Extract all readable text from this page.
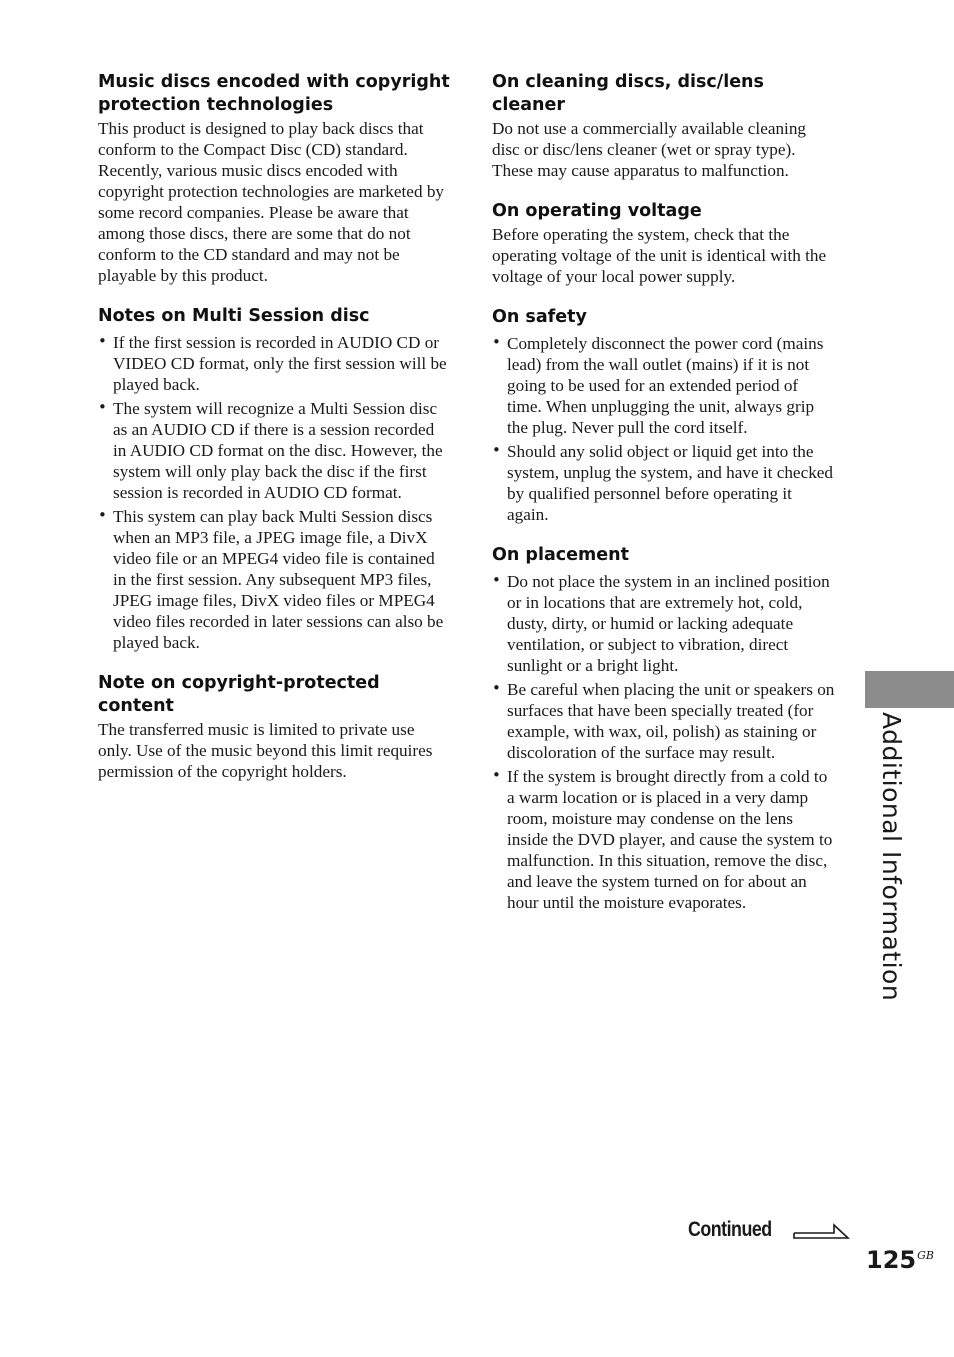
Music discs encoded with copyright protection technologies

This product is designed to play back discs that conform to the Compact Disc (CD) standard. Recently, various music discs encoded with copyright protection technologies are marketed by some record companies. Please be aware that among those discs, there are some that do not conform to the CD standard and may not be playable by this product.

Notes on Multi Session disc
• If the first session is recorded in AUDIO CD or VIDEO CD format, only the first session will be played back.
• The system will recognize a Multi Session disc as an AUDIO CD if there is a session recorded in AUDIO CD format on the disc. However, the system will only play back the disc if the first session is recorded in AUDIO CD format.
• This system can play back Multi Session discs when an MP3 file, a JPEG image file, a DivX video file or an MPEG4 video file is contained in the first session. Any subsequent MP3 files, JPEG image files, DivX video files or MPEG4 video files recorded in later sessions can also be played back.
Note on copyright-protected content

The transferred music is limited to private use only. Use of the music beyond this limit requires permission of the copyright holders.

On cleaning discs, disc/lens cleaner

Do not use a commercially available cleaning disc or disc/lens cleaner (wet or spray type). These may cause apparatus to malfunction.

On operating voltage

Before operating the system, check that the operating voltage of the unit is identical with the voltage of your local power supply.

On safety
• Completely disconnect the power cord (mains lead) from the wall outlet (mains) if it is not going to be used for an extended period of time. When unplugging the unit, always grip the plug. Never pull the cord itself.
• Should any solid object or liquid get into the system, unplug the system, and have it checked by qualified personnel before operating it again.
On placement
• Do not place the system in an inclined position or in locations that are extremely hot, cold, dusty, dirty, or humid or lacking adequate ventilation, or subject to vibration, direct sunlight or a bright light.
• Be careful when placing the unit or speakers on surfaces that have been specially treated (for example, with wax, oil, polish) as staining or discoloration of the surface may result.
• If the system is brought directly from a cold to a warm location or is placed in a very damp room, moisture may condense on the lens inside the DVD player, and cause the system to malfunction. In this situation, remove the disc, and leave the system turned on for about an hour until the moisture evaporates.	Additional Information
Continued
$125^{GB}$
